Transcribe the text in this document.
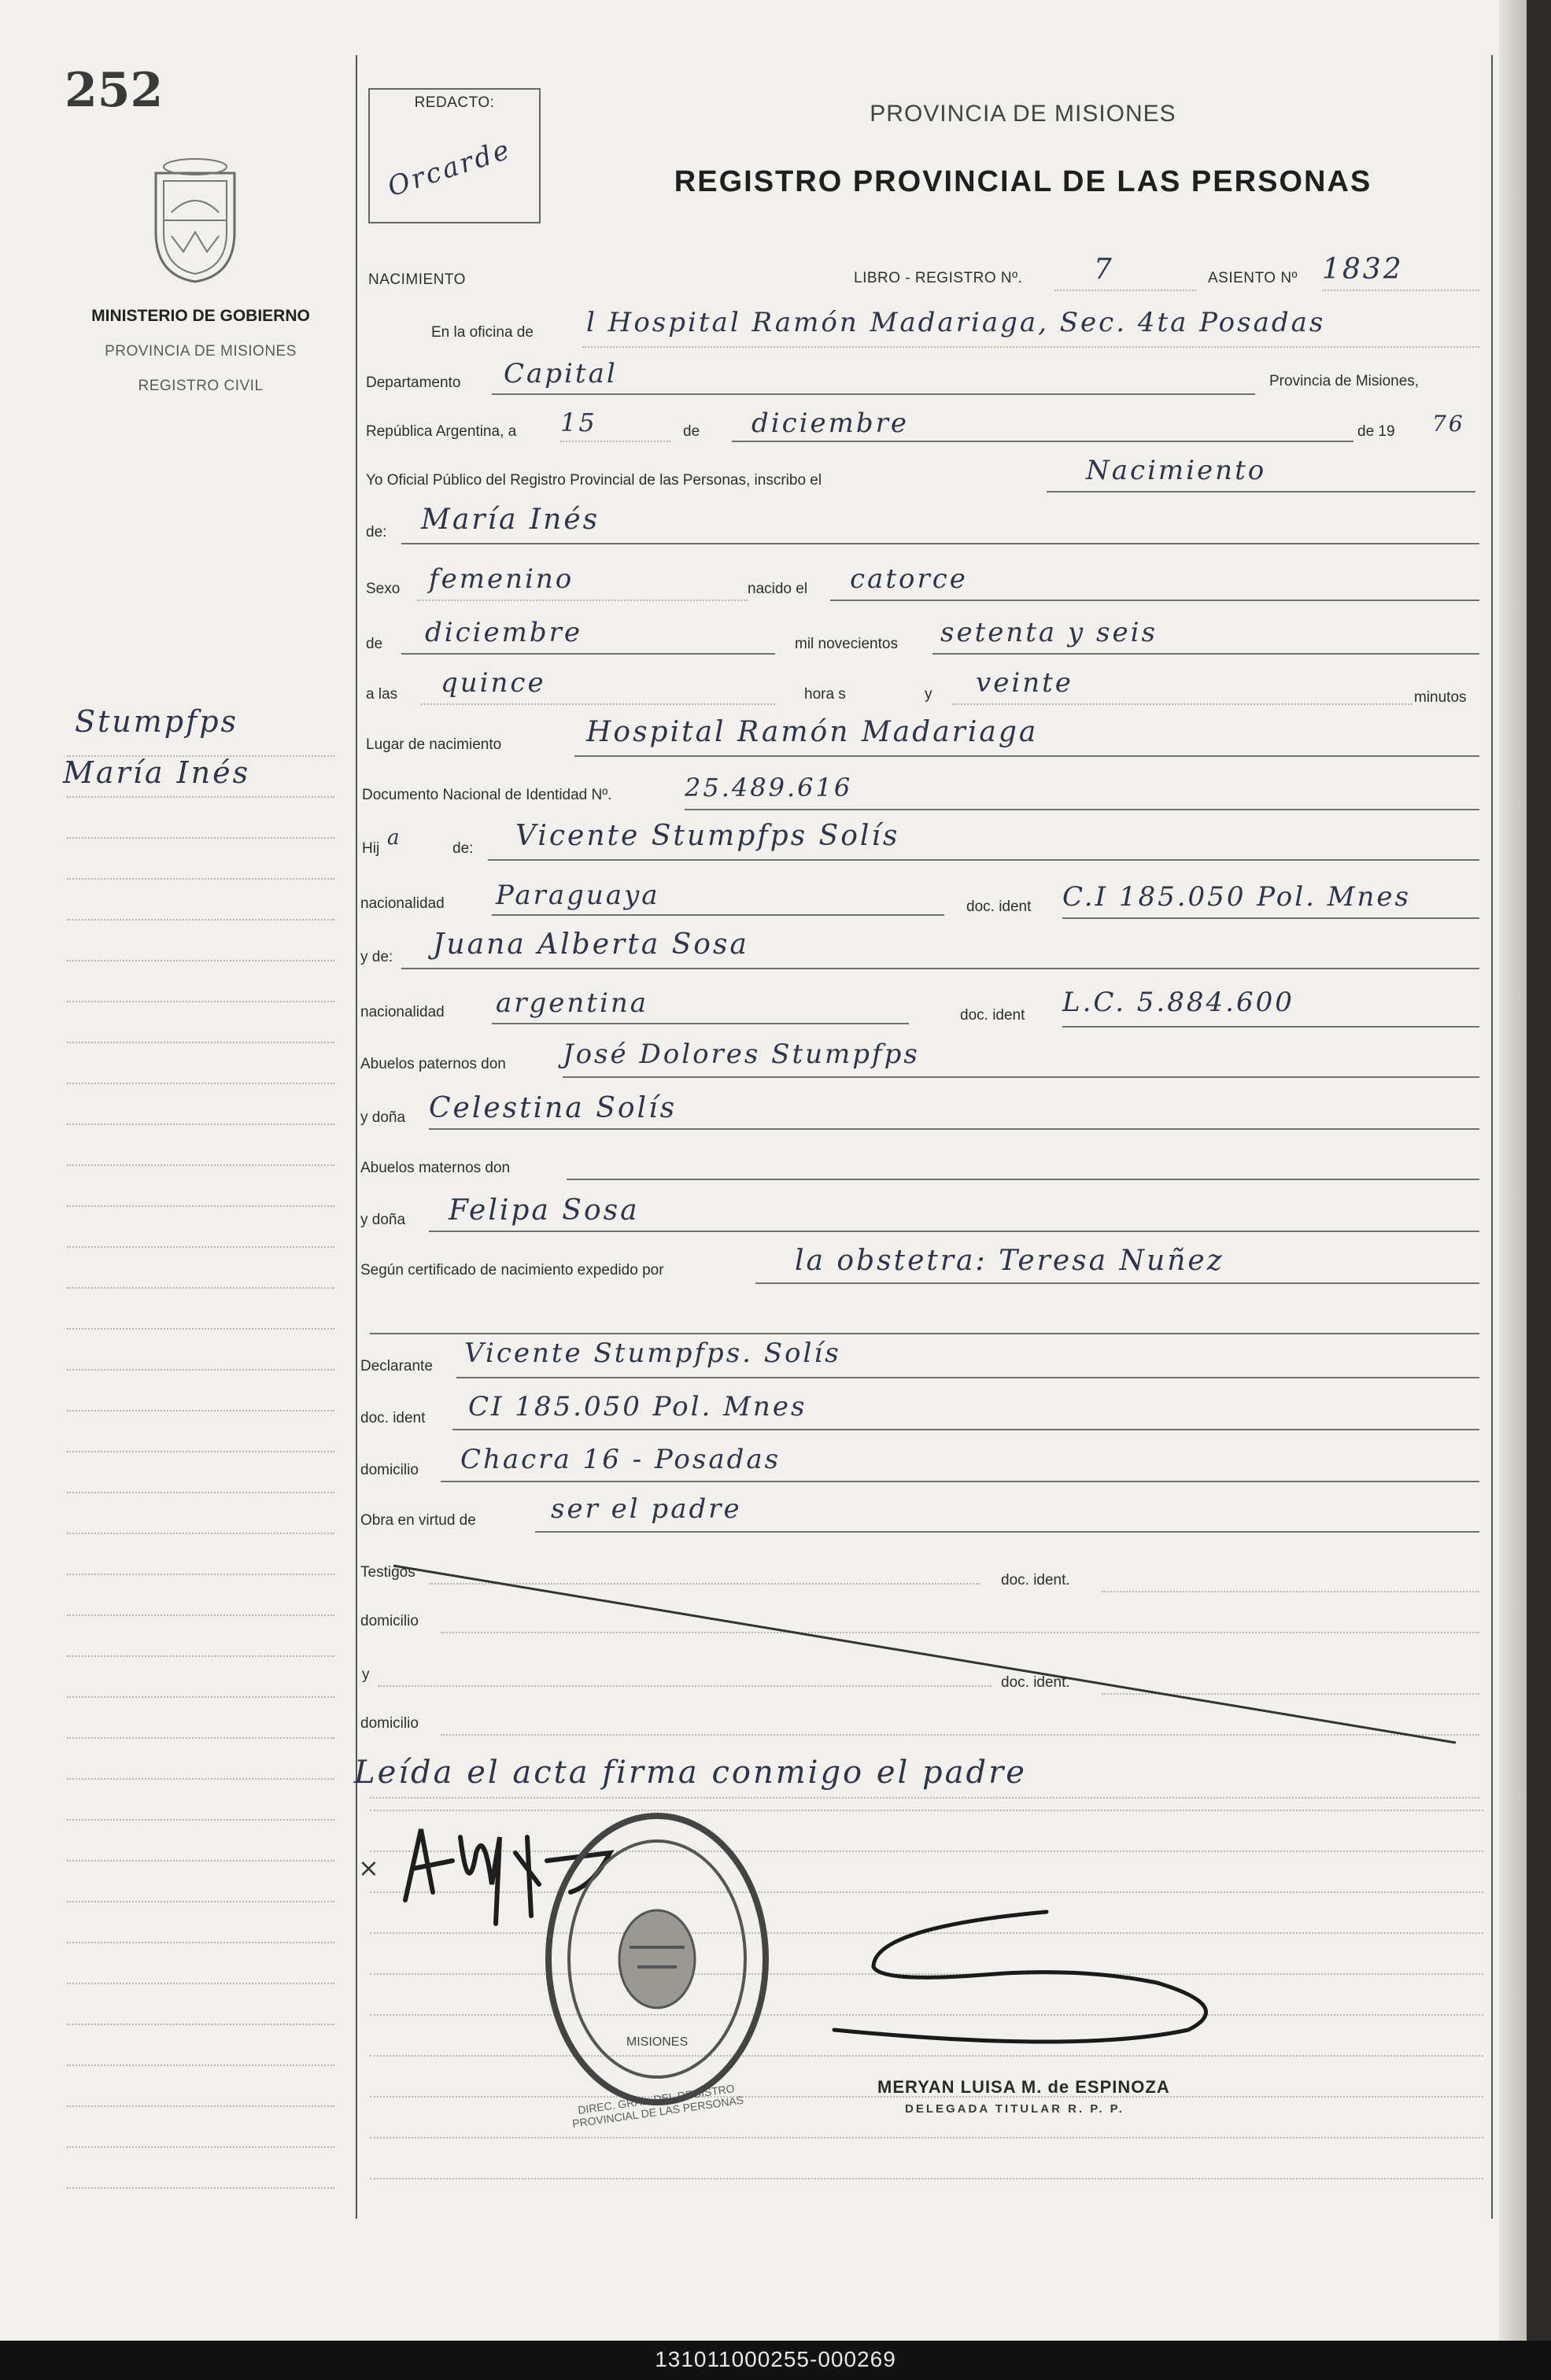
252
MINISTERIO DE GOBIERNO
PROVINCIA DE MISIONES
REGISTRO CIVIL
Stumpfps
María Inés
REDACTO:
Orcarde
PROVINCIA DE MISIONES
REGISTRO PROVINCIAL DE LAS PERSONAS
NACIMIENTO	LIBRO - REGISTRO Nº.	7	ASIENTO Nº 1832
En la oficina de l Hospital Ramón Madariaga, Sec. 4ta Posadas
Departamento Capital	Provincia de Misiones,
República Argentina, a 15	de diciembre	de 19 76
Yo Oficial Público del Registro Provincial de las Personas, inscribo el	Nacimiento
de: María Inés
Sexo femenino	nacido el catorce
de diciembre	mil novecientos setenta y seis
a las quince	hora s	y veinte	minutos
Lugar de nacimiento	Hospital Ramón Madariaga
Documento Nacional de Identidad Nº.	25.489.616
Hij a	de: Vicente Stumpfps Solís
nacionalidad Paraguaya	doc. ident C.I 185.050 Pol. Mnes
y de: Juana Alberta Sosa
nacionalidad argentina	doc. ident L.C. 5.884.600
Abuelos paternos don José Dolores Stumpfps
y doña Celestina Solís
Abuelos maternos don
y doña Felipa Sosa
Según certificado de nacimiento expedido por	la obstetra: Teresa Nuñez
Declarante Vicente Stumpfps. Solís
doc. ident CI 185.050 Pol. Mnes
domicilio Chacra 16 - Posadas
Obra en virtud de	ser el padre
Testigos	doc. ident.
domicilio
y	doc. ident.
domicilio
Leída el acta firma conmigo el padre
×
MISIONES
DIREC. GRAL. DEL REGISTRO PROVINCIAL DE LAS PERSONAS
MERYAN LUISA M. de ESPINOZA
DELEGADA TITULAR R. P. P.
131011000255-000269
